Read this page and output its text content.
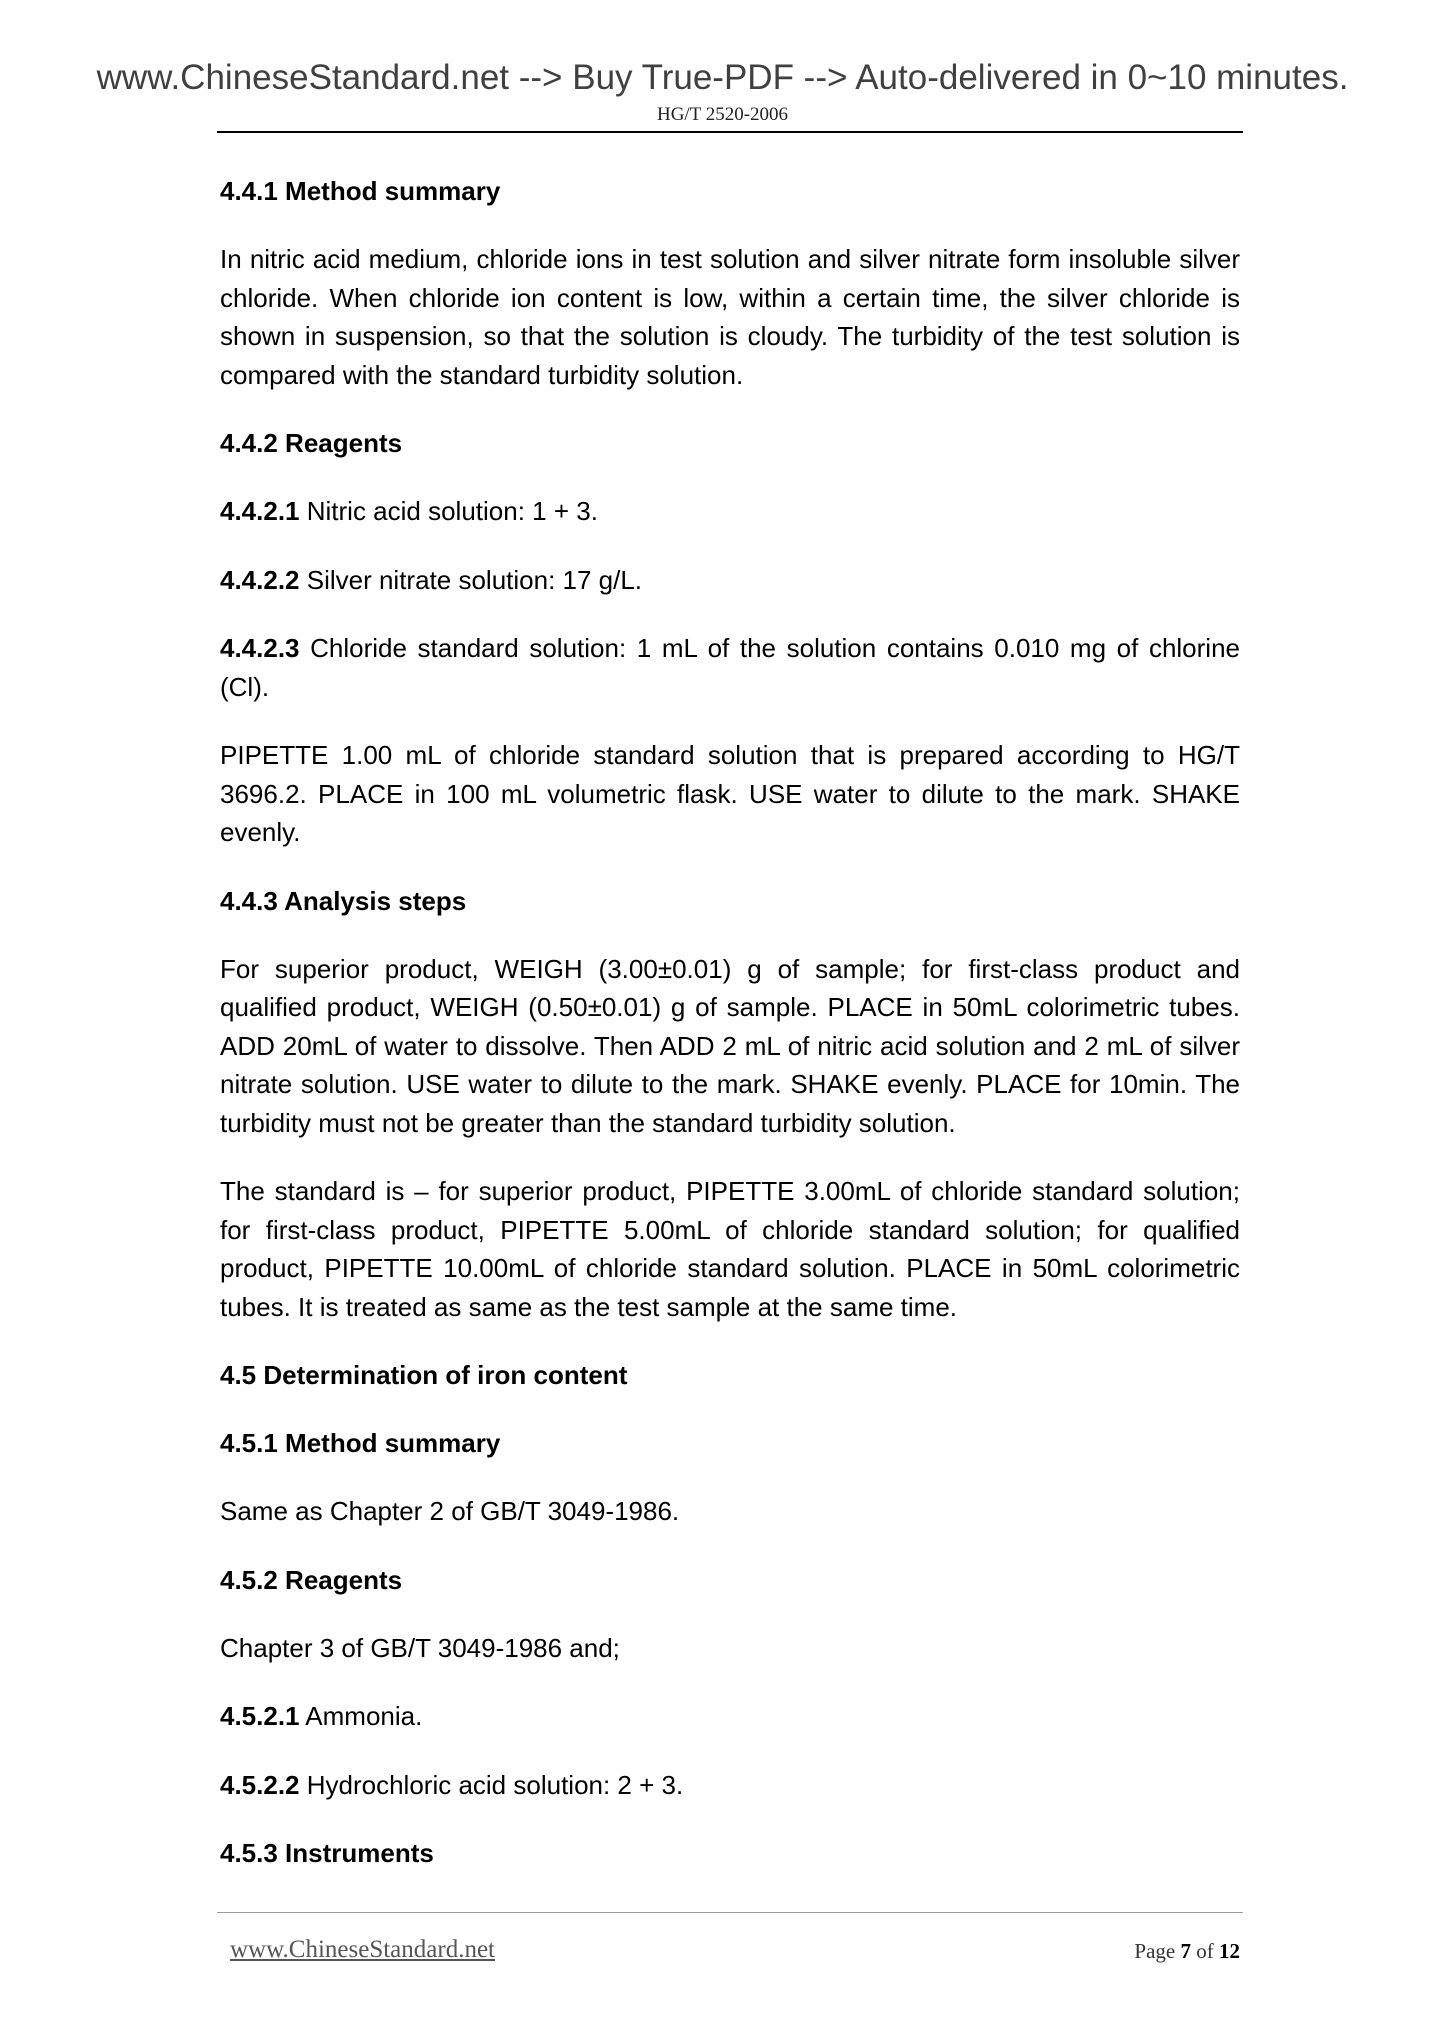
www.ChineseStandard.net --> Buy True-PDF --> Auto-delivered in 0~10 minutes.
HG/T 2520-2006
4.4.1 Method summary
In nitric acid medium, chloride ions in test solution and silver nitrate form insoluble silver chloride. When chloride ion content is low, within a certain time, the silver chloride is shown in suspension, so that the solution is cloudy. The turbidity of the test solution is compared with the standard turbidity solution.
4.4.2 Reagents
4.4.2.1 Nitric acid solution: 1 + 3.
4.4.2.2 Silver nitrate solution: 17 g/L.
4.4.2.3 Chloride standard solution: 1 mL of the solution contains 0.010 mg of chlorine (Cl).
PIPETTE 1.00 mL of chloride standard solution that is prepared according to HG/T 3696.2. PLACE in 100 mL volumetric flask. USE water to dilute to the mark. SHAKE evenly.
4.4.3 Analysis steps
For superior product, WEIGH (3.00±0.01) g of sample; for first-class product and qualified product, WEIGH (0.50±0.01) g of sample. PLACE in 50mL colorimetric tubes. ADD 20mL of water to dissolve. Then ADD 2 mL of nitric acid solution and 2 mL of silver nitrate solution. USE water to dilute to the mark. SHAKE evenly. PLACE for 10min. The turbidity must not be greater than the standard turbidity solution.
The standard is – for superior product, PIPETTE 3.00mL of chloride standard solution; for first-class product, PIPETTE 5.00mL of chloride standard solution; for qualified product, PIPETTE 10.00mL of chloride standard solution. PLACE in 50mL colorimetric tubes. It is treated as same as the test sample at the same time.
4.5 Determination of iron content
4.5.1 Method summary
Same as Chapter 2 of GB/T 3049-1986.
4.5.2 Reagents
Chapter 3 of GB/T 3049-1986 and;
4.5.2.1 Ammonia.
4.5.2.2 Hydrochloric acid solution: 2 + 3.
4.5.3 Instruments
www.ChineseStandard.net	Page 7 of 12
